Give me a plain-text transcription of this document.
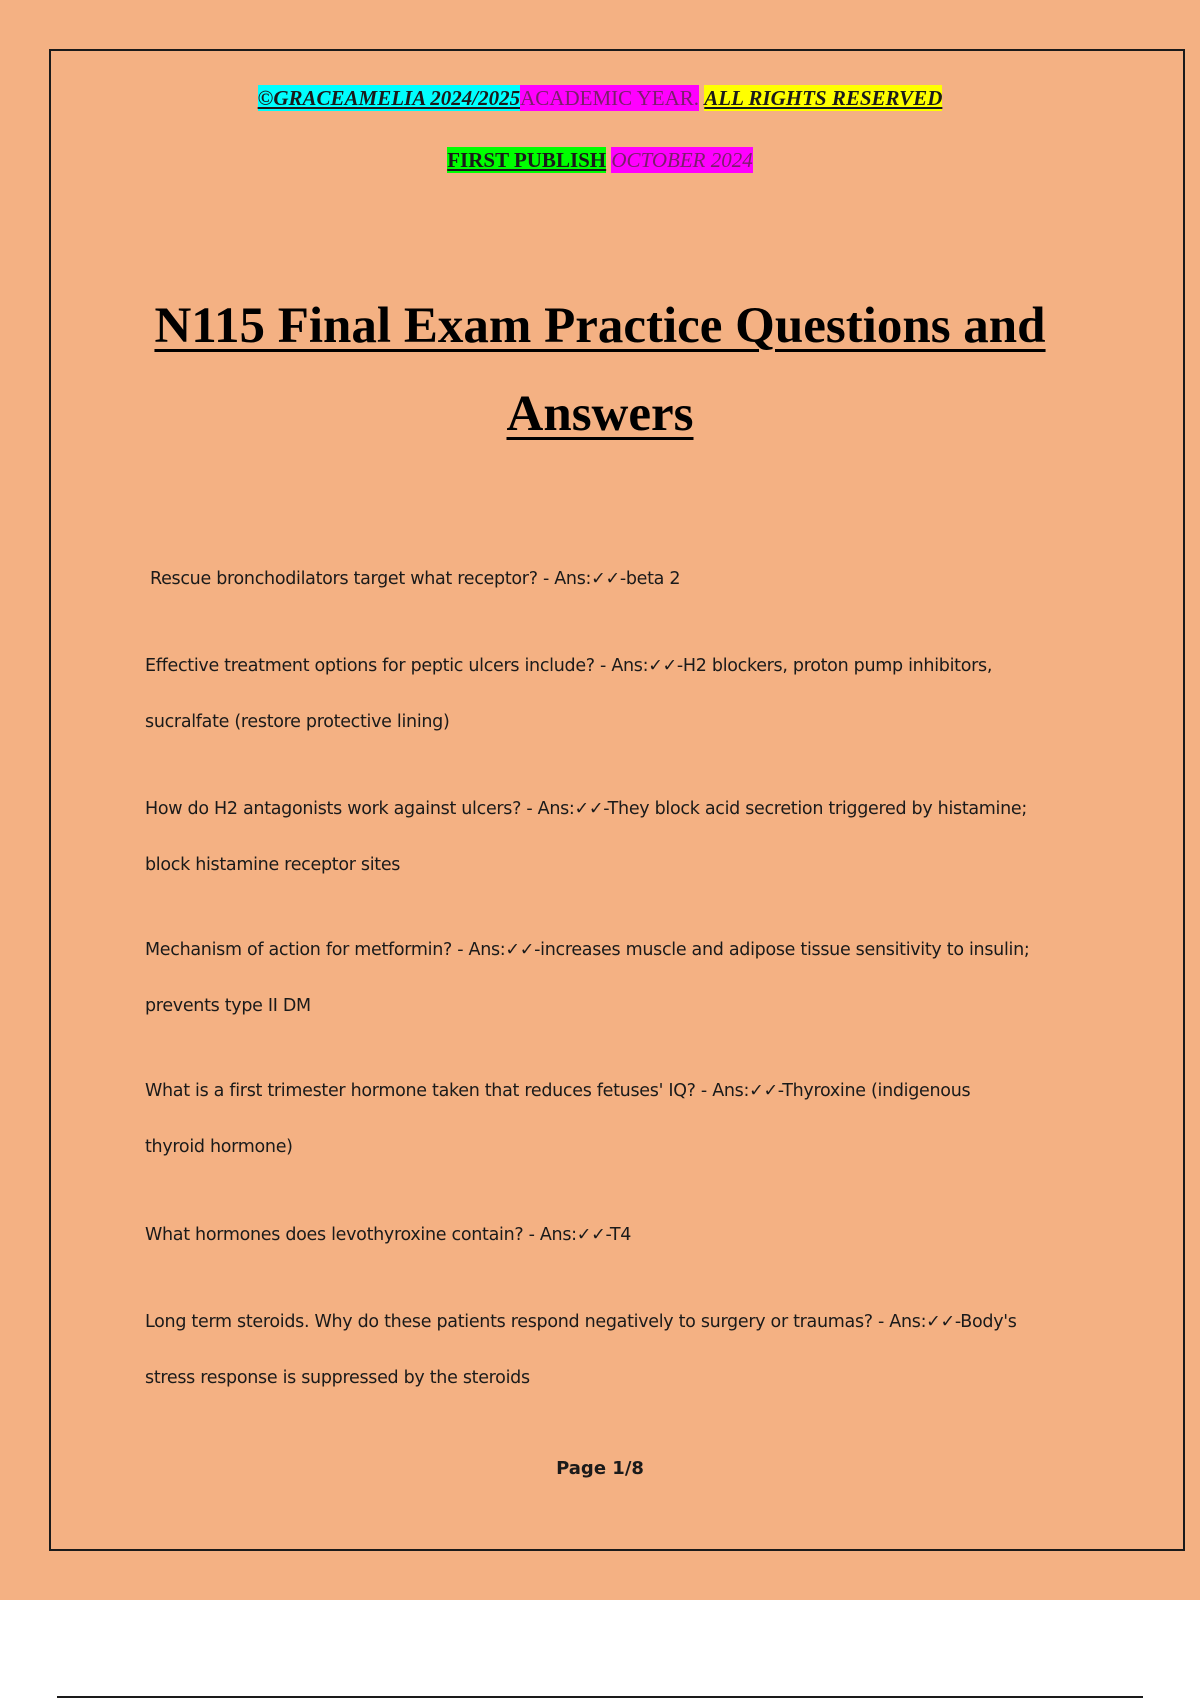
©GRACEAMELIA 2024/2025ACADEMIC YEAR. ALL RIGHTS RESERVED
FIRST PUBLISH OCTOBER 2024
N115 Final Exam Practice Questions and
Answers
Rescue bronchodilators target what receptor? - Ans:✓✓-beta 2
Effective treatment options for peptic ulcers include? - Ans:✓✓-H2 blockers, proton pump inhibitors,
sucralfate (restore protective lining)
How do H2 antagonists work against ulcers? - Ans:✓✓-They block acid secretion triggered by histamine;
block histamine receptor sites
Mechanism of action for metformin? - Ans:✓✓-increases muscle and adipose tissue sensitivity to insulin;
prevents type II DM
What is a first trimester hormone taken that reduces fetuses' IQ? - Ans:✓✓-Thyroxine (indigenous
thyroid hormone)
What hormones does levothyroxine contain? - Ans:✓✓-T4
Long term steroids. Why do these patients respond negatively to surgery or traumas? - Ans:✓✓-Body's
stress response is suppressed by the steroids
Page 1/8
